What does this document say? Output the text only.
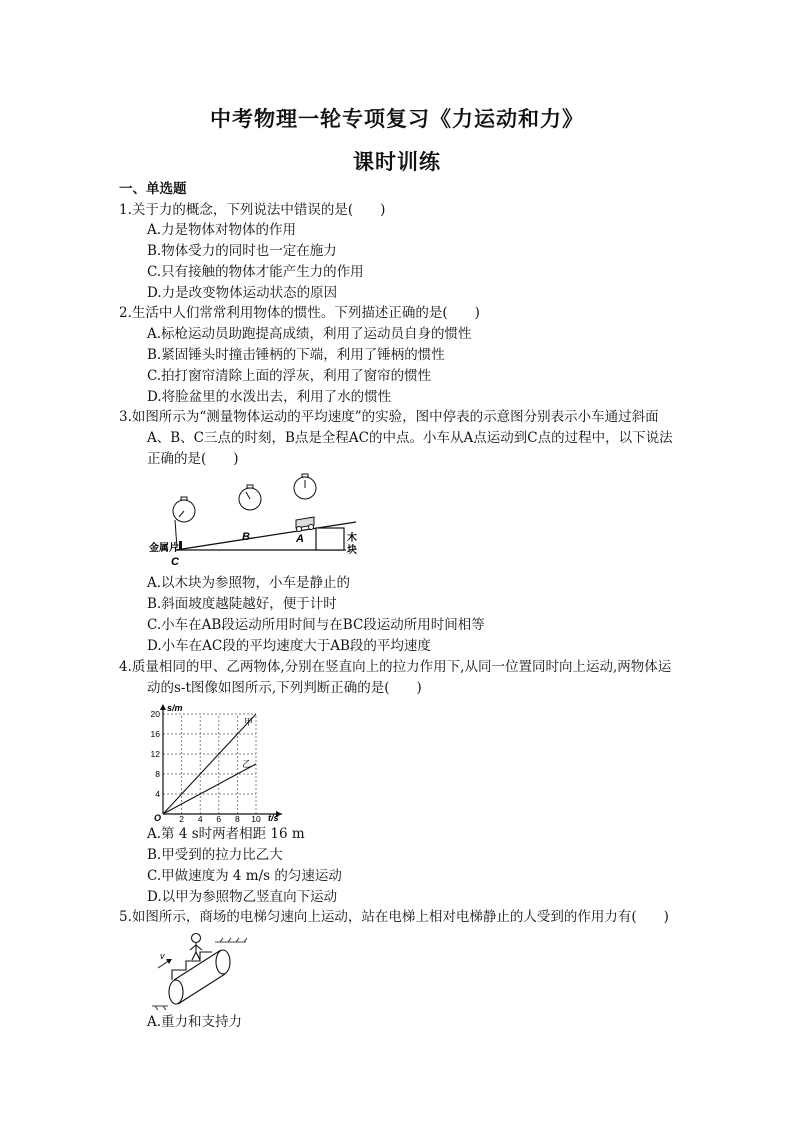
中考物理一轮专项复习《力运动和力》
课时训练
一、单选题
1.关于力的概念，下列说法中错误的是(　　)
A.力是物体对物体的作用
B.物体受力的同时也一定在施力
C.只有接触的物体才能产生力的作用
D.力是改变物体运动状态的原因
2.生活中人们常常利用物体的惯性。下列描述正确的是(　　)
A.标枪运动员助跑提高成绩，利用了运动员自身的惯性
B.紧固锤头时撞击锤柄的下端，利用了锤柄的惯性
C.拍打窗帘清除上面的浮灰，利用了窗帘的惯性
D.将脸盆里的水泼出去，利用了水的惯性
3.如图所示为“测量物体运动的平均速度”的实验，图中停表的示意图分别表示小车通过斜面
A、B、C三点的时刻，B点是全程AC的中点。小车从A点运动到C点的过程中，以下说法
正确的是(　　)
金属片
木
块
B	A
C
A.以木块为参照物，小车是静止的
B.斜面坡度越陡越好，便于计时
C.小车在AB段运动所用时间与在BC段运动所用时间相等
D.小车在AC段的平均速度大于AB段的平均速度
4.质量相同的甲、乙两物体,分别在竖直向上的拉力作用下,从同一位置同时向上运动,两物体运
动的s-t图像如图所示,下列判断正确的是(　　)
4
8
12
16
20
2 4 6 8 10
甲
乙
s/m
t/s
O
A.第 4 s时两者相距 16 m
B.甲受到的拉力比乙大
C.甲做速度为 4 m/s 的匀速运动
D.以甲为参照物乙竖直向下运动
5.如图所示，商场的电梯匀速向上运动，站在电梯上相对电梯静止的人受到的作用力有(　　)
v
A.重力和支持力
